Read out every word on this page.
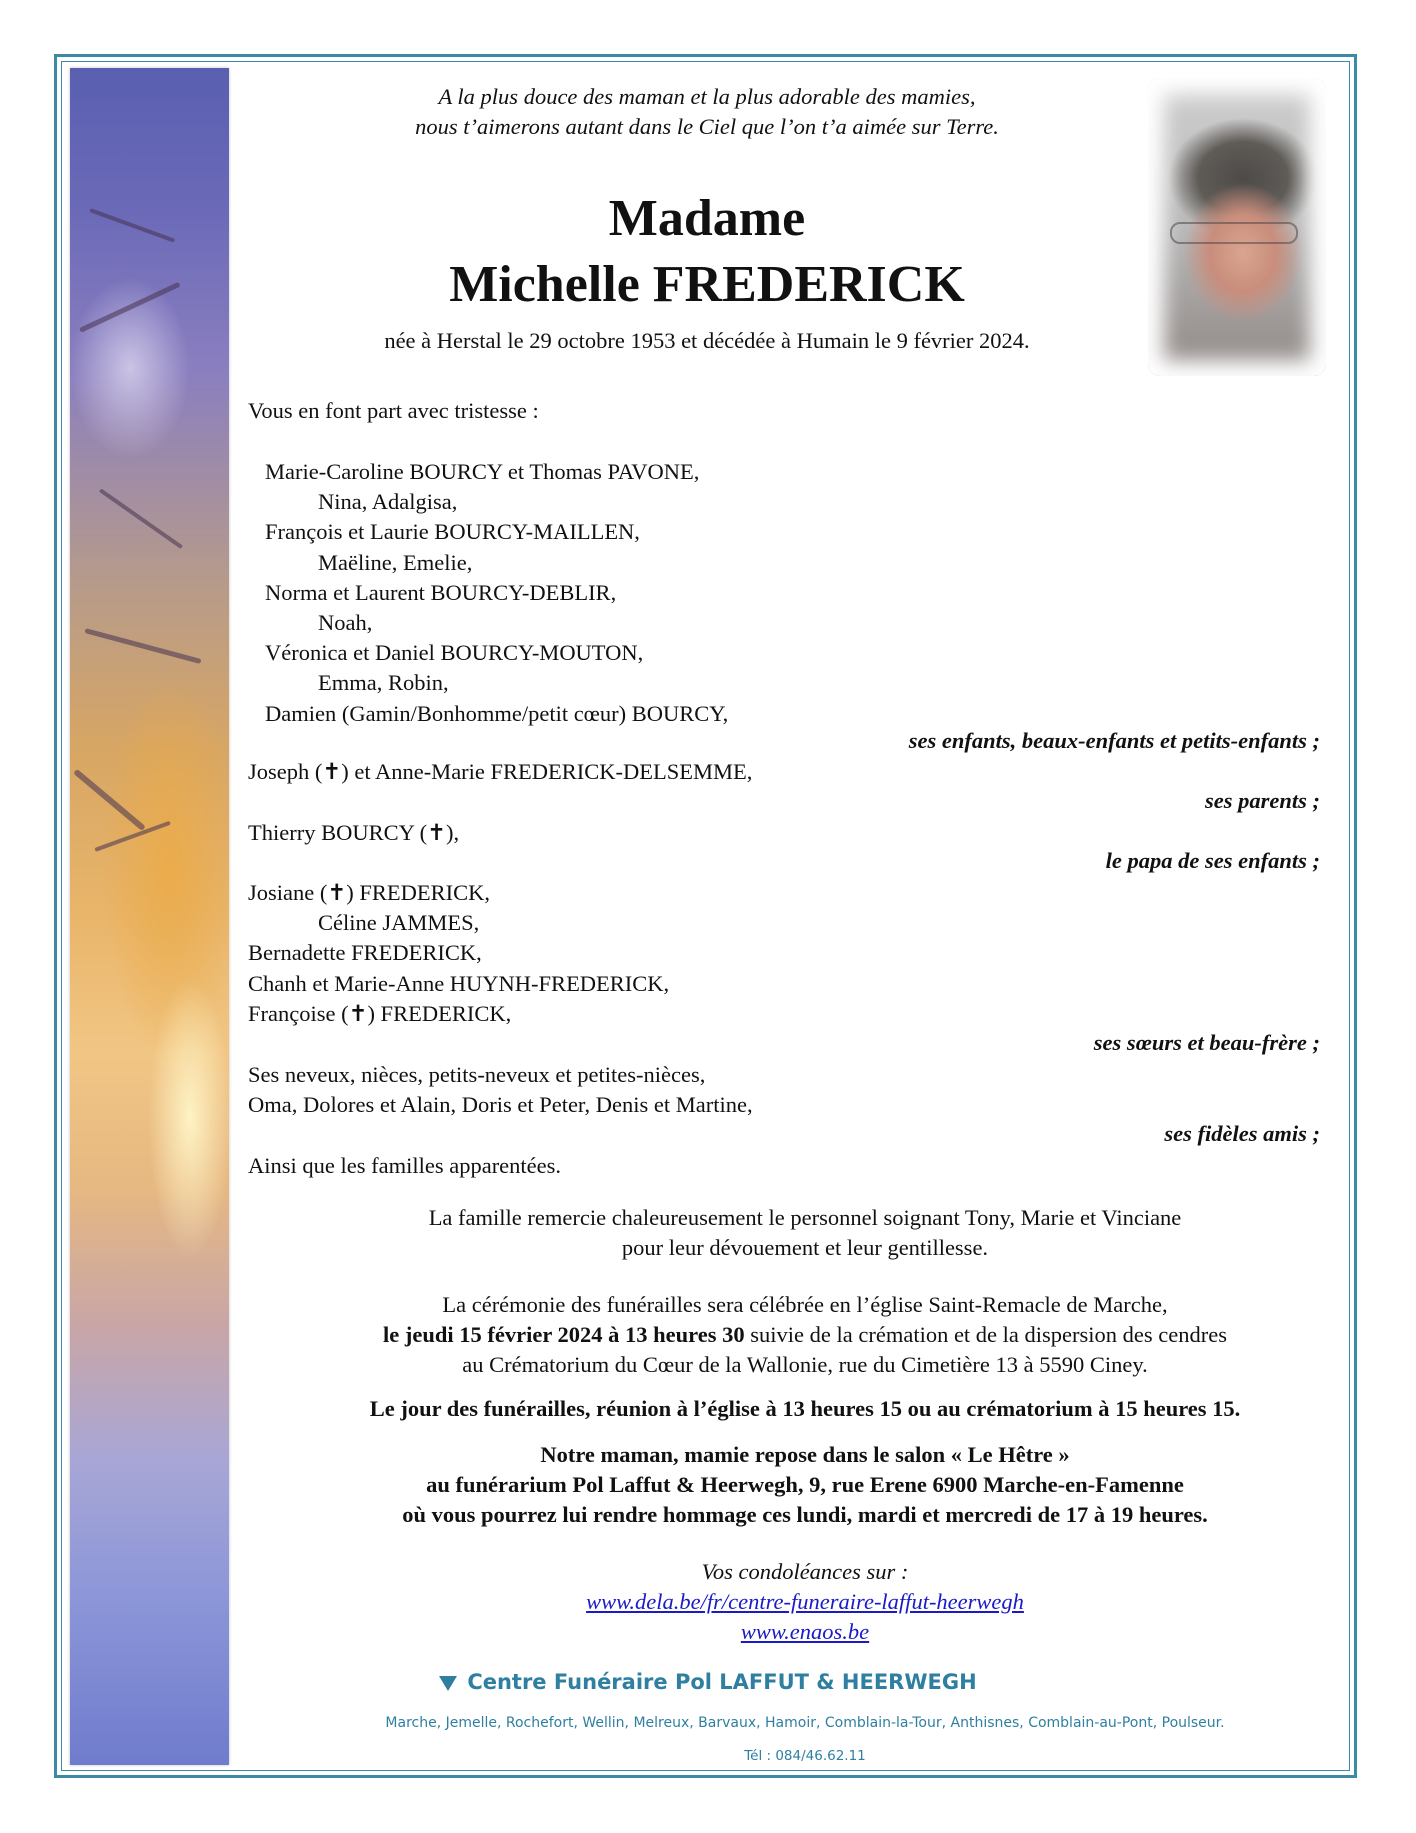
A la plus douce des maman et la plus adorable des mamies,
nous t’aimerons autant dans le Ciel que l’on t’a aimée sur Terre.
Madame
Michelle FREDERICK
née à Herstal le 29 octobre 1953 et décédée à Humain le 9 février 2024.
Vous en font part avec tristesse :
Marie-Caroline BOURCY et Thomas PAVONE,
Nina, Adalgisa,
François et Laurie BOURCY-MAILLEN,
Maëline, Emelie,
Norma et Laurent BOURCY-DEBLIR,
Noah,
Véronica et Daniel BOURCY-MOUTON,
Emma, Robin,
Damien (Gamin/Bonhomme/petit cœur) BOURCY,
ses enfants, beaux-enfants et petits-enfants ;
Joseph (✝) et Anne-Marie FREDERICK-DELSEMME,
ses parents ;
Thierry BOURCY (✝),
le papa de ses enfants ;
Josiane (✝) FREDERICK,
Céline JAMMES,
Bernadette FREDERICK,
Chanh et Marie-Anne HUYNH-FREDERICK,
Françoise (✝) FREDERICK,
ses sœurs et beau-frère ;
Ses neveux, nièces, petits-neveux et petites-nièces,
Oma, Dolores et Alain, Doris et Peter, Denis et Martine,
ses fidèles amis ;
Ainsi que les familles apparentées.
La famille remercie chaleureusement le personnel soignant Tony, Marie et Vinciane
pour leur dévouement et leur gentillesse.
La cérémonie des funérailles sera célébrée en l’église Saint-Remacle de Marche,
le jeudi 15 février 2024 à 13 heures 30 suivie de la crémation et de la dispersion des cendres
au Crématorium du Cœur de la Wallonie, rue du Cimetière 13 à 5590 Ciney.
Le jour des funérailles, réunion à l’église à 13 heures 15 ou au crématorium à 15 heures 15.
Notre maman, mamie repose dans le salon « Le Hêtre »
au funérarium Pol Laffut & Heerwegh, 9, rue Erene 6900 Marche-en-Famenne
où vous pourrez lui rendre hommage ces lundi, mardi et mercredi de 17 à 19 heures.
Vos condoléances sur :
www.dela.be/fr/centre-funeraire-laffut-heerwegh
www.enaos.be
Centre Funéraire Pol LAFFUT & HEERWEGH
Marche, Jemelle, Rochefort, Wellin, Melreux, Barvaux, Hamoir, Comblain-la-Tour, Anthisnes, Comblain-au-Pont, Poulseur.
Tél : 084/46.62.11
